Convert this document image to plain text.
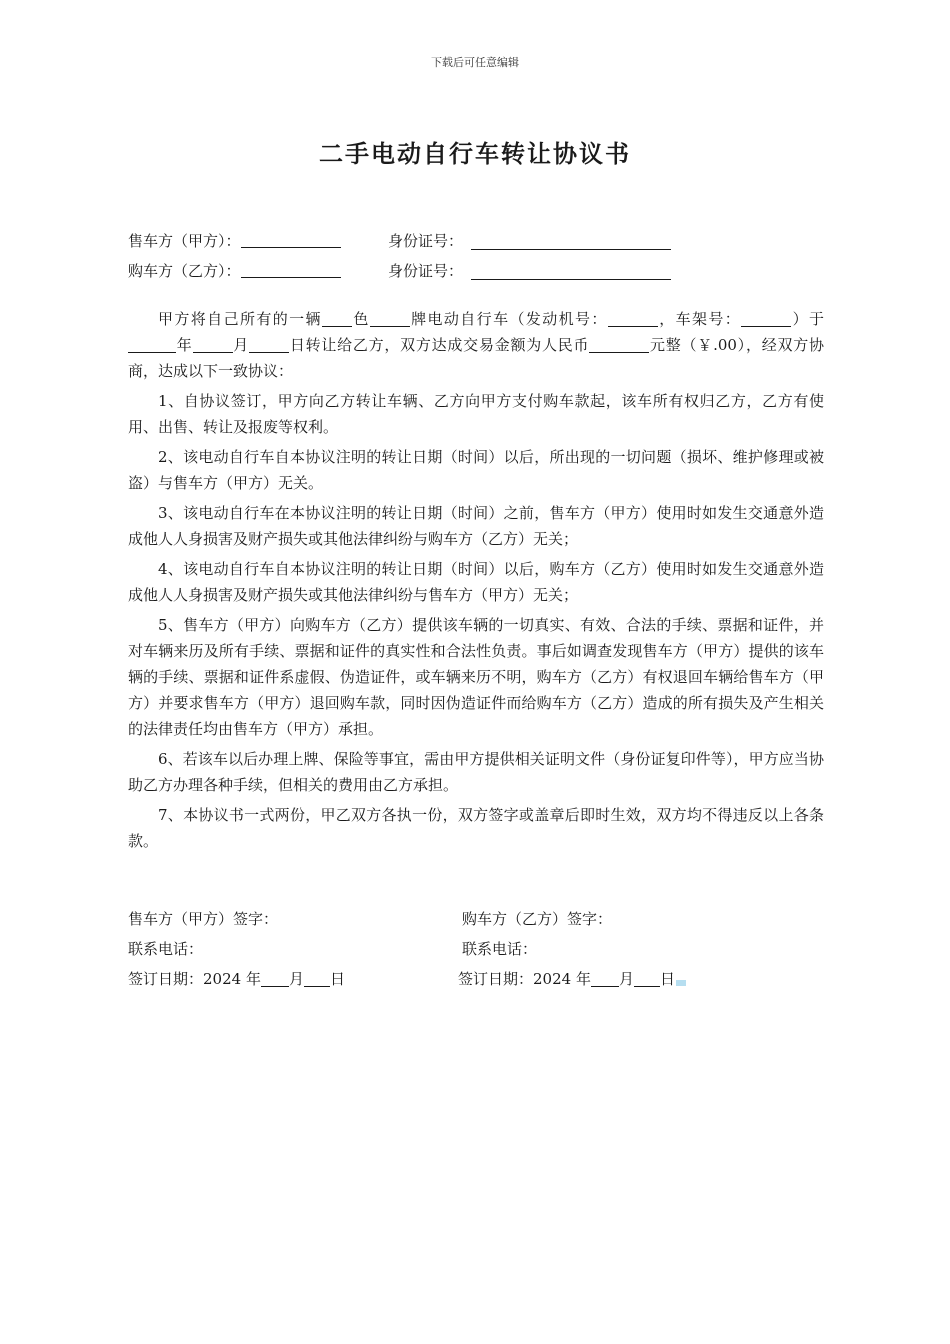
下载后可任意编辑
二手电动自行车转让协议书
售车方（甲方）：	身份证号：
购车方（乙方）：	身份证号：

甲方将自己所有的一辆 色	牌电动自行车（发动机号：	，车架号：	）于年	月	日转让给乙方，双方达成交易金额为人民币	元整（￥.00），经双方协商，达成以下一致协议：

1、自协议签订，甲方向乙方转让车辆、乙方向甲方支付购车款起，该车所有权归乙方，乙方有使用、出售、转让及报废等权利。

2、该电动自行车自本协议注明的转让日期（时间）以后，所出现的一切问题（损坏、维护修理或被盗）与售车方（甲方）无关。

3、该电动自行车在本协议注明的转让日期（时间）之前，售车方（甲方）使用时如发生交通意外造成他人人身损害及财产损失或其他法律纠纷与购车方（乙方）无关；

4、该电动自行车自本协议注明的转让日期（时间）以后，购车方（乙方）使用时如发生交通意外造成他人人身损害及财产损失或其他法律纠纷与售车方（甲方）无关；

5、售车方（甲方）向购车方（乙方）提供该车辆的一切真实、有效、合法的手续、票据和证件，并对车辆来历及所有手续、票据和证件的真实性和合法性负责。事后如调查发现售车方（甲方）提供的该车辆的手续、票据和证件系虚假、伪造证件，或车辆来历不明，购车方（乙方）有权退回车辆给售车方（甲方）并要求售车方（甲方）退回购车款，同时因伪造证件而给购车方（乙方）造成的所有损失及产生相关的法律责任均由售车方（甲方）承担。

6、若该车以后办理上牌、保险等事宜，需由甲方提供相关证明文件（身份证复印件等），甲方应当协助乙方办理各种手续，但相关的费用由乙方承担。

7、本协议书一式两份，甲乙双方各执一份，双方签字或盖章后即时生效，双方均不得违反以上各条款。

售车方（甲方）签字：	购车方（乙方）签字：
联系电话：	联系电话：
签订日期：2024 年 月 日	签订日期：2024 年 月 日
